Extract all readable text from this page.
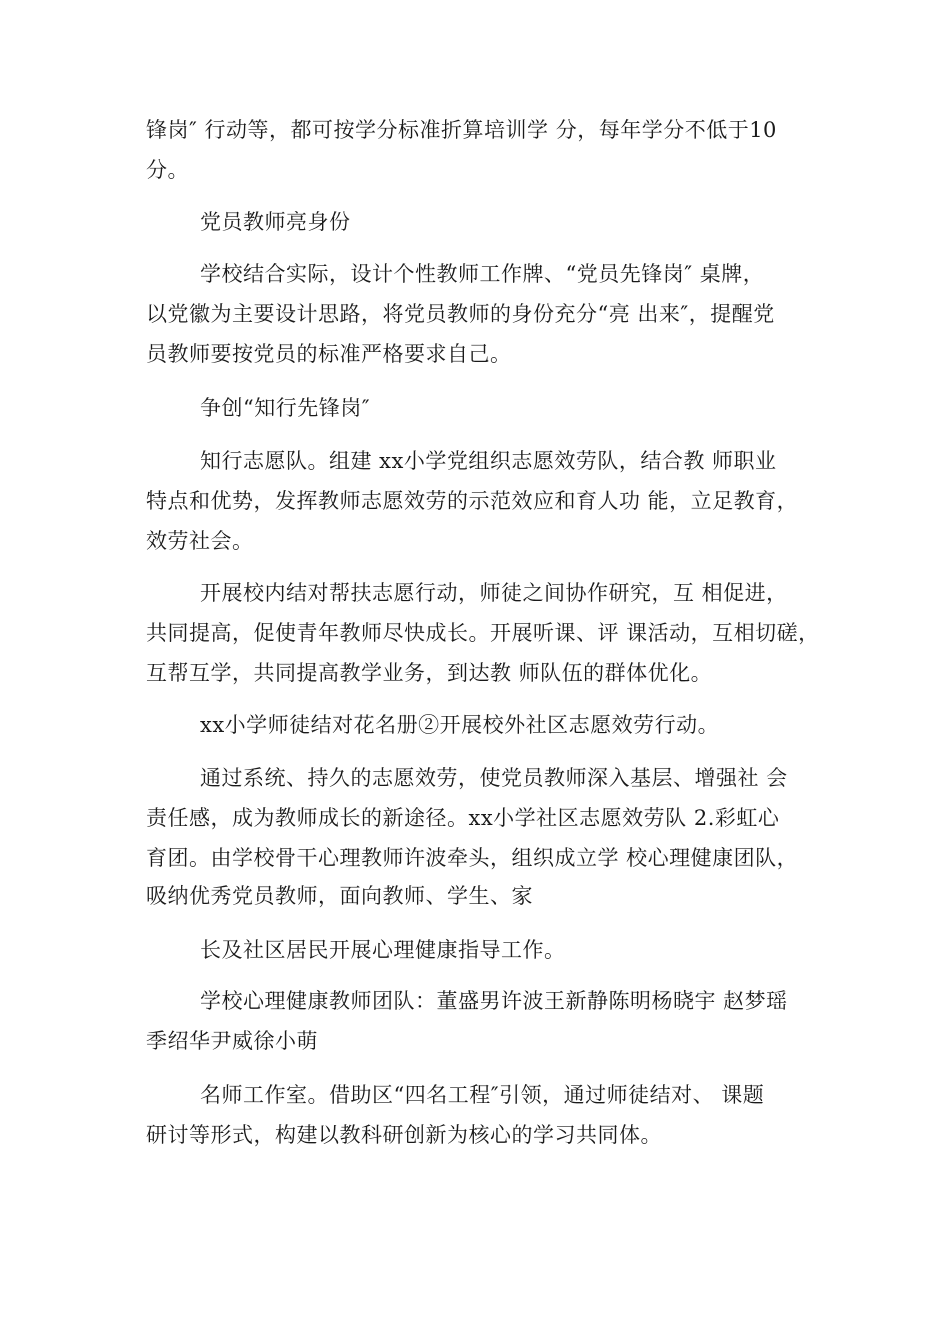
锋岗″ 行动等，都可按学分标准折算培训学 分，每年学分不低于10
分。
党员教师亮身份
学校结合实际，设计个性教师工作牌、“党员先锋岗″ 桌牌，
以党徽为主要设计思路，将党员教师的身份充分“亮 出来″，提醒党
员教师要按党员的标准严格要求自己。
争创“知行先锋岗″
知行志愿队。组建 xx小学党组织志愿效劳队，结合教 师职业
特点和优势，发挥教师志愿效劳的示范效应和育人功 能，立足教育，
效劳社会。
开展校内结对帮扶志愿行动，师徒之间协作研究，互 相促进，
共同提高，促使青年教师尽快成长。开展听课、评 课活动，互相切磋，
互帮互学，共同提高教学业务，到达教 师队伍的群体优化。
xx小学师徒结对花名册②开展校外社区志愿效劳行动。
通过系统、持久的志愿效劳，使党员教师深入基层、增强社 会
责任感，成为教师成长的新途径。xx小学社区志愿效劳队 2.彩虹心
育团。由学校骨干心理教师许波牵头，组织成立学 校心理健康团队，
吸纳优秀党员教师，面向教师、学生、家
长及社区居民开展心理健康指导工作。
学校心理健康教师团队：董盛男许波王新静陈明杨晓宇 赵梦瑶
季绍华尹威徐小萌
名师工作室。借助区“四名工程″引领，通过师徒结对、 课题
研讨等形式，构建以教科研创新为核心的学习共同体。
